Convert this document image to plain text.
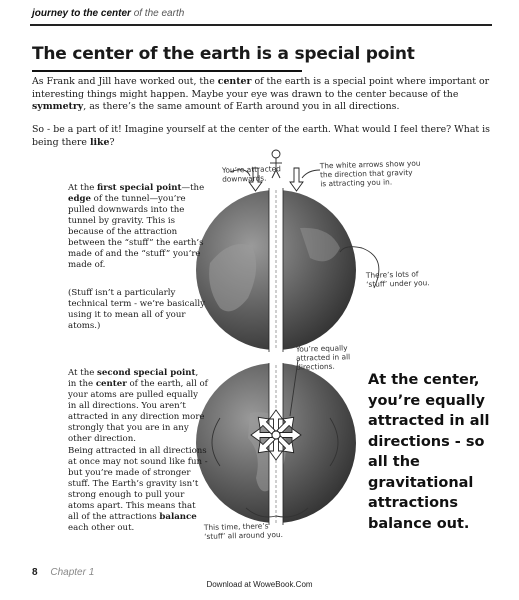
journey to the center of the earth
The center of the earth is a special point
As Frank and Jill have worked out, the center of the earth is a special point where important or interesting things might happen. Maybe your eye was drawn to the center because of the symmetry, as there’s the same amount of Earth around you in all directions.
So - be a part of it! Imagine yourself at the center of the earth. What would I feel there? What is being there like?
You’re attracted
downwards.
The white arrows show you
the direction that gravity
is attracting you in.
There’s lots of
‘stuff’ under you.
At the first special point—the edge of the tunnel—you’re pulled downwards into the tunnel by gravity. This is because of the attraction between the “stuff” the earth’s made of and the “stuff” you’re made of.
(Stuff isn’t a particularly technical term - we’re basically using it to mean all of your atoms.)
You’re equally
attracted in all
directions.
This time, there’s
‘stuff’ all around you.
At the second special point, in the center of the earth, all of your atoms are pulled equally in all directions. You aren’t attracted in any direction more strongly that you are in any other direction.
Being attracted in all directions at once may not sound like fun - but you’re made of stronger stuff. The Earth’s gravity isn’t strong enough to pull your atoms apart. This means that all of the attractions balance each other out.
At the center, you’re equally attracted in all directions - so all the gravitational attractions balance out.
8 Chapter 1
Download at WoweBook.Com
